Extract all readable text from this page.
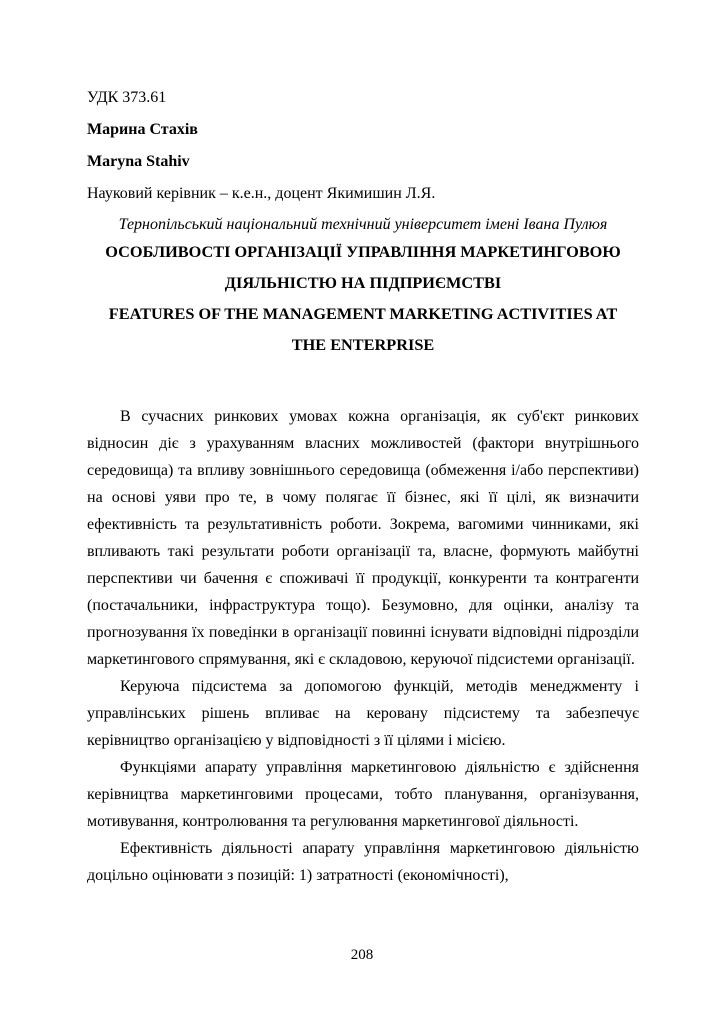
УДК 373.61

Марина Стахів

Maryna Stahiv

Науковий керівник – к.е.н., доцент Якимишин Л.Я.

Тернопільський національний технічний університет імені Івана Пулюя

ОСОБЛИВОСТІ ОРГАНІЗАЦІЇ УПРАВЛІННЯ МАРКЕТИНГОВОЮ

ДІЯЛЬНІСТЮ НА ПІДПРИЄМСТВІ

FEATURES OF THE MANAGEMENT MARKETING ACTIVITIES AT

THE ENTERPRISE

В сучасних ринкових умовах кожна організація, як суб'єкт ринкових відносин діє з урахуванням власних можливостей (фактори внутрішнього середовища) та впливу зовнішнього середовища (обмеження і/або перспективи) на основі уяви про те, в чому полягає її бізнес, які її цілі, як визначити ефективність та результативність роботи. Зокрема, вагомими чинниками, які впливають такі результати роботи організації та, власне, формують майбутні перспективи чи бачення є споживачі її продукції, конкуренти та контрагенти (постачальники, інфраструктура тощо). Безумовно, для оцінки, аналізу та прогнозування їх поведінки в організації повинні існувати відповідні підрозділи маркетингового спрямування, які є складовою, керуючої підсистеми організації.

Керуюча підсистема за допомогою функцій, методів менеджменту і управлінських рішень впливає на керовану підсистему та забезпечує керівництво організацією у відповідності з її цілями і місією.

Функціями апарату управління маркетинговою діяльністю є здійснення керівництва маркетинговими процесами, тобто планування, організування, мотивування, контролювання та регулювання маркетингової діяльності.

Ефективність діяльності апарату управління маркетинговою діяльністю доцільно оцінювати з позицій: 1) затратності (економічності),

208
